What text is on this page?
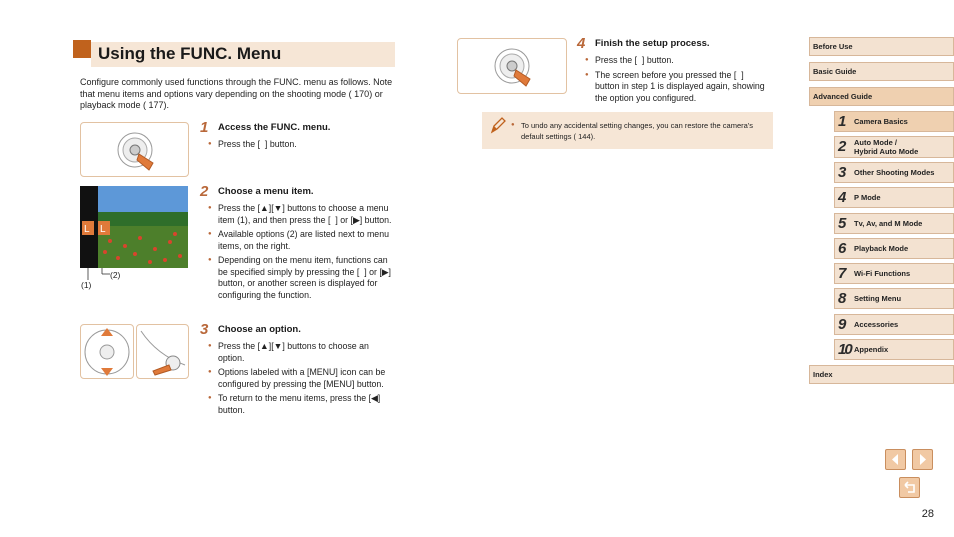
Using the FUNC. Menu
Configure commonly used functions through the FUNC. menu as follows. Note that menu items and options vary depending on the shooting mode ( 170) or playback mode ( 177).
L L
(1)
(2)
1 Access the FUNC. menu.
● Press the [  ] button.
2 Choose a menu item.
● Press the [▲][▼] buttons to choose a menu item (1), and then press the [  ] or [▶] button.
● Available options (2) are listed next to menu items, on the right.
● Depending on the menu item, functions can be specified simply by pressing the [  ] or [▶] button, or another screen is displayed for configuring the function.
3 Choose an option.
● Press the [▲][▼] buttons to choose an option.
● Options labeled with a [MENU] icon can be configured by pressing the [MENU] button.
● To return to the menu items, press the [◀] button.
4 Finish the setup process.
● Press the [  ] button.
● The screen before you pressed the [  ] button in step 1 is displayed again, showing the option you configured.
● To undo any accidental setting changes, you can restore the camera's default settings ( 144).
Before Use
Basic Guide
Advanced Guide
1 Camera Basics
2 Auto Mode /
Hybrid Auto Mode
3 Other Shooting Modes
4 P Mode
5 Tv, Av, and M Mode
6 Playback Mode
7 Wi-Fi Functions
8 Setting Menu
9 Accessories
10 Appendix
Index
28
